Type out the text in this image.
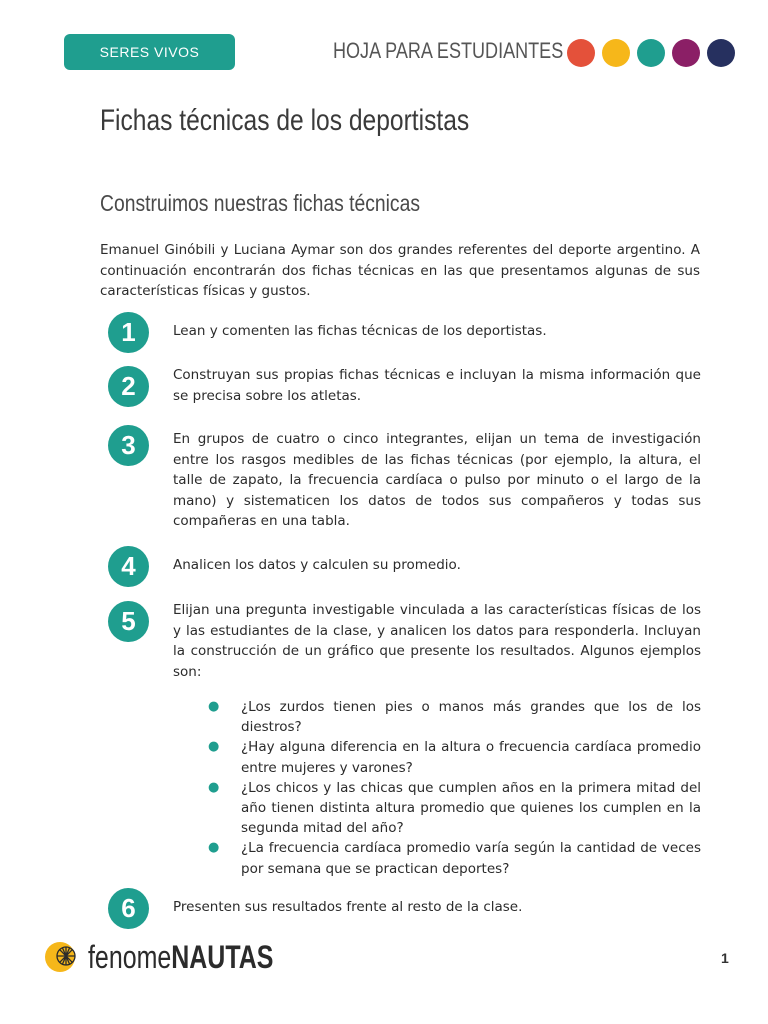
SERES VIVOS	HOJA PARA ESTUDIANTES
Fichas técnicas de los deportistas
Construimos nuestras fichas técnicas

Emanuel Ginóbili y Luciana Aymar son dos grandes referentes del deporte argentino. A continuación encontrarán dos fichas técnicas en las que presentamos algunas de sus características físicas y gustos.

1	Lean y comenten las fichas técnicas de los deportistas.

2	Construyan sus propias fichas técnicas e incluyan la misma información que se precisa sobre los atletas.

3	En grupos de cuatro o cinco integrantes, elijan un tema de investigación entre los rasgos medibles de las fichas técnicas (por ejemplo, la altura, el talle de zapato, la frecuencia cardíaca o pulso por minuto o el largo de la mano) y sistematicen los datos de todos sus compañeros y todas sus compañeras en una tabla.

4	Analicen los datos y calculen su promedio.

5	Elijan una pregunta investigable vinculada a las características físicas de los y las estudiantes de la clase, y analicen los datos para responderla. Incluyan la construcción de un gráfico que presente los resultados. Algunos ejemplos son:

● ¿Los zurdos tienen pies o manos más grandes que los de los diestros?
● ¿Hay alguna diferencia en la altura o frecuencia cardíaca promedio entre mujeres y varones?
● ¿Los chicos y las chicas que cumplen años en la primera mitad del año tienen distinta altura promedio que quienes los cumplen en la segunda mitad del año?
● ¿La frecuencia cardíaca promedio varía según la cantidad de veces por semana que se practican deportes?
6	Presenten sus resultados frente al resto de la clase.

fenomeNAUTAS	1
